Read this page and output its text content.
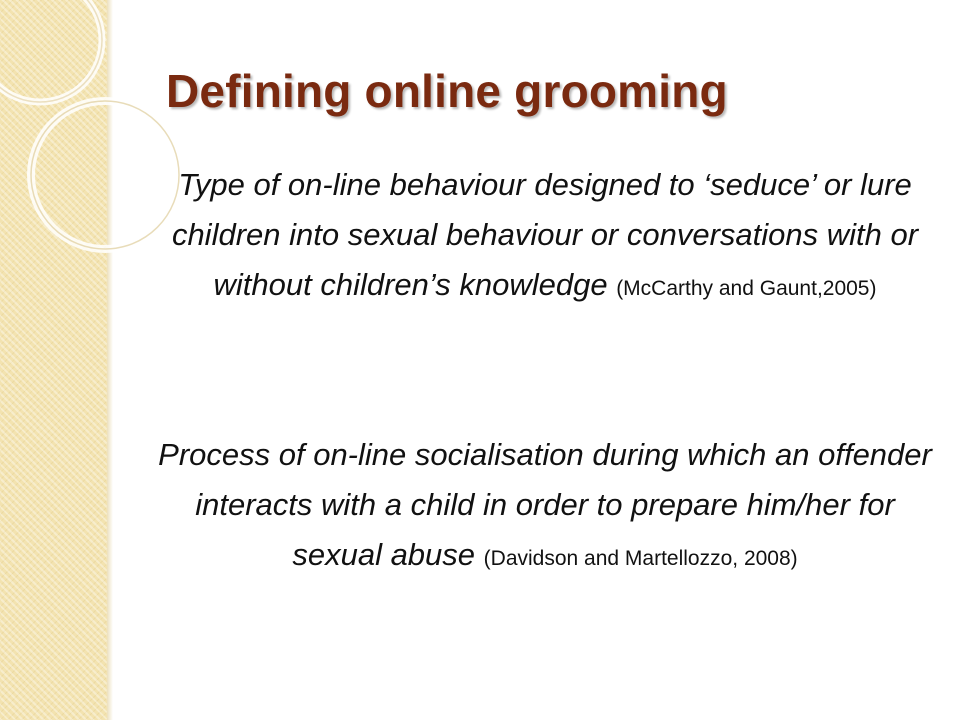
Defining online grooming

Type of on-line behaviour designed to ‘seduce’ or lure children into sexual behaviour or conversations with or without children’s knowledge (McCarthy and Gaunt,2005)

Process of on-line socialisation during which an offender interacts with a child in order to prepare him/her for sexual abuse (Davidson and Martellozzo, 2008)
